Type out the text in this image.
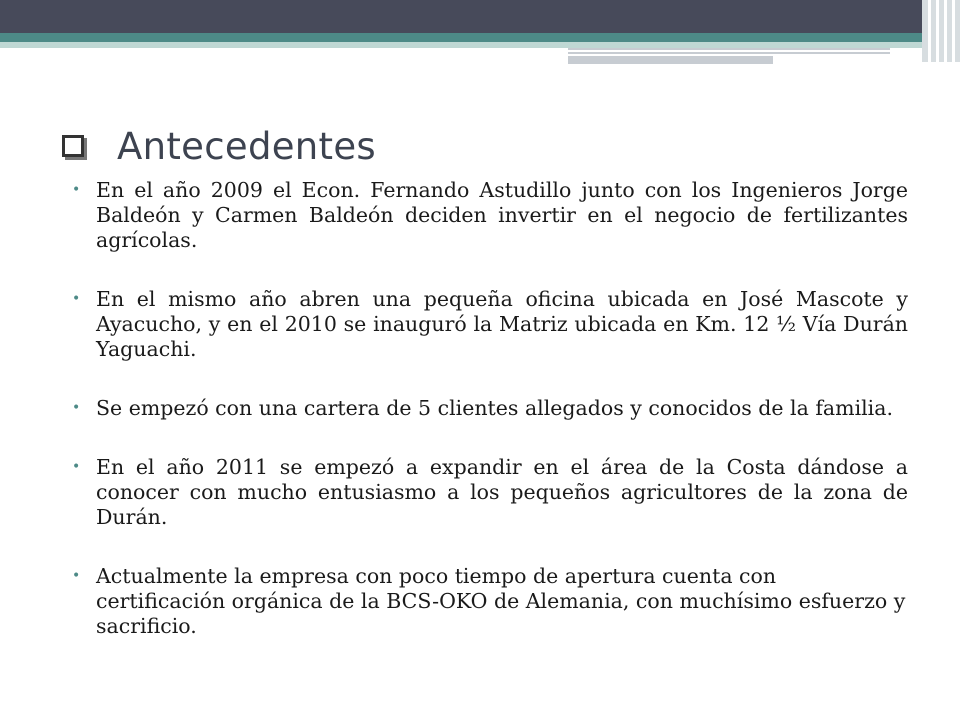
Antecedentes
• En el año 2009 el Econ. Fernando Astudillo junto con los Ingenieros Jorge Baldeón y Carmen Baldeón deciden invertir en el negocio de fertilizantes agrícolas.
• En el mismo año abren una pequeña oficina ubicada en José Mascote y Ayacucho, y en el 2010 se inauguró la Matriz ubicada en Km. 12 ½ Vía Durán Yaguachi.
• Se empezó con una cartera de 5 clientes allegados y conocidos de la familia.
• En el año 2011 se empezó a expandir en el área de la Costa dándose a conocer con mucho entusiasmo a los pequeños agricultores de la zona de Durán.
• Actualmente la empresa con poco tiempo de apertura cuenta con certificación orgánica de la BCS-OKO de Alemania, con muchísimo esfuerzo y sacrificio.
